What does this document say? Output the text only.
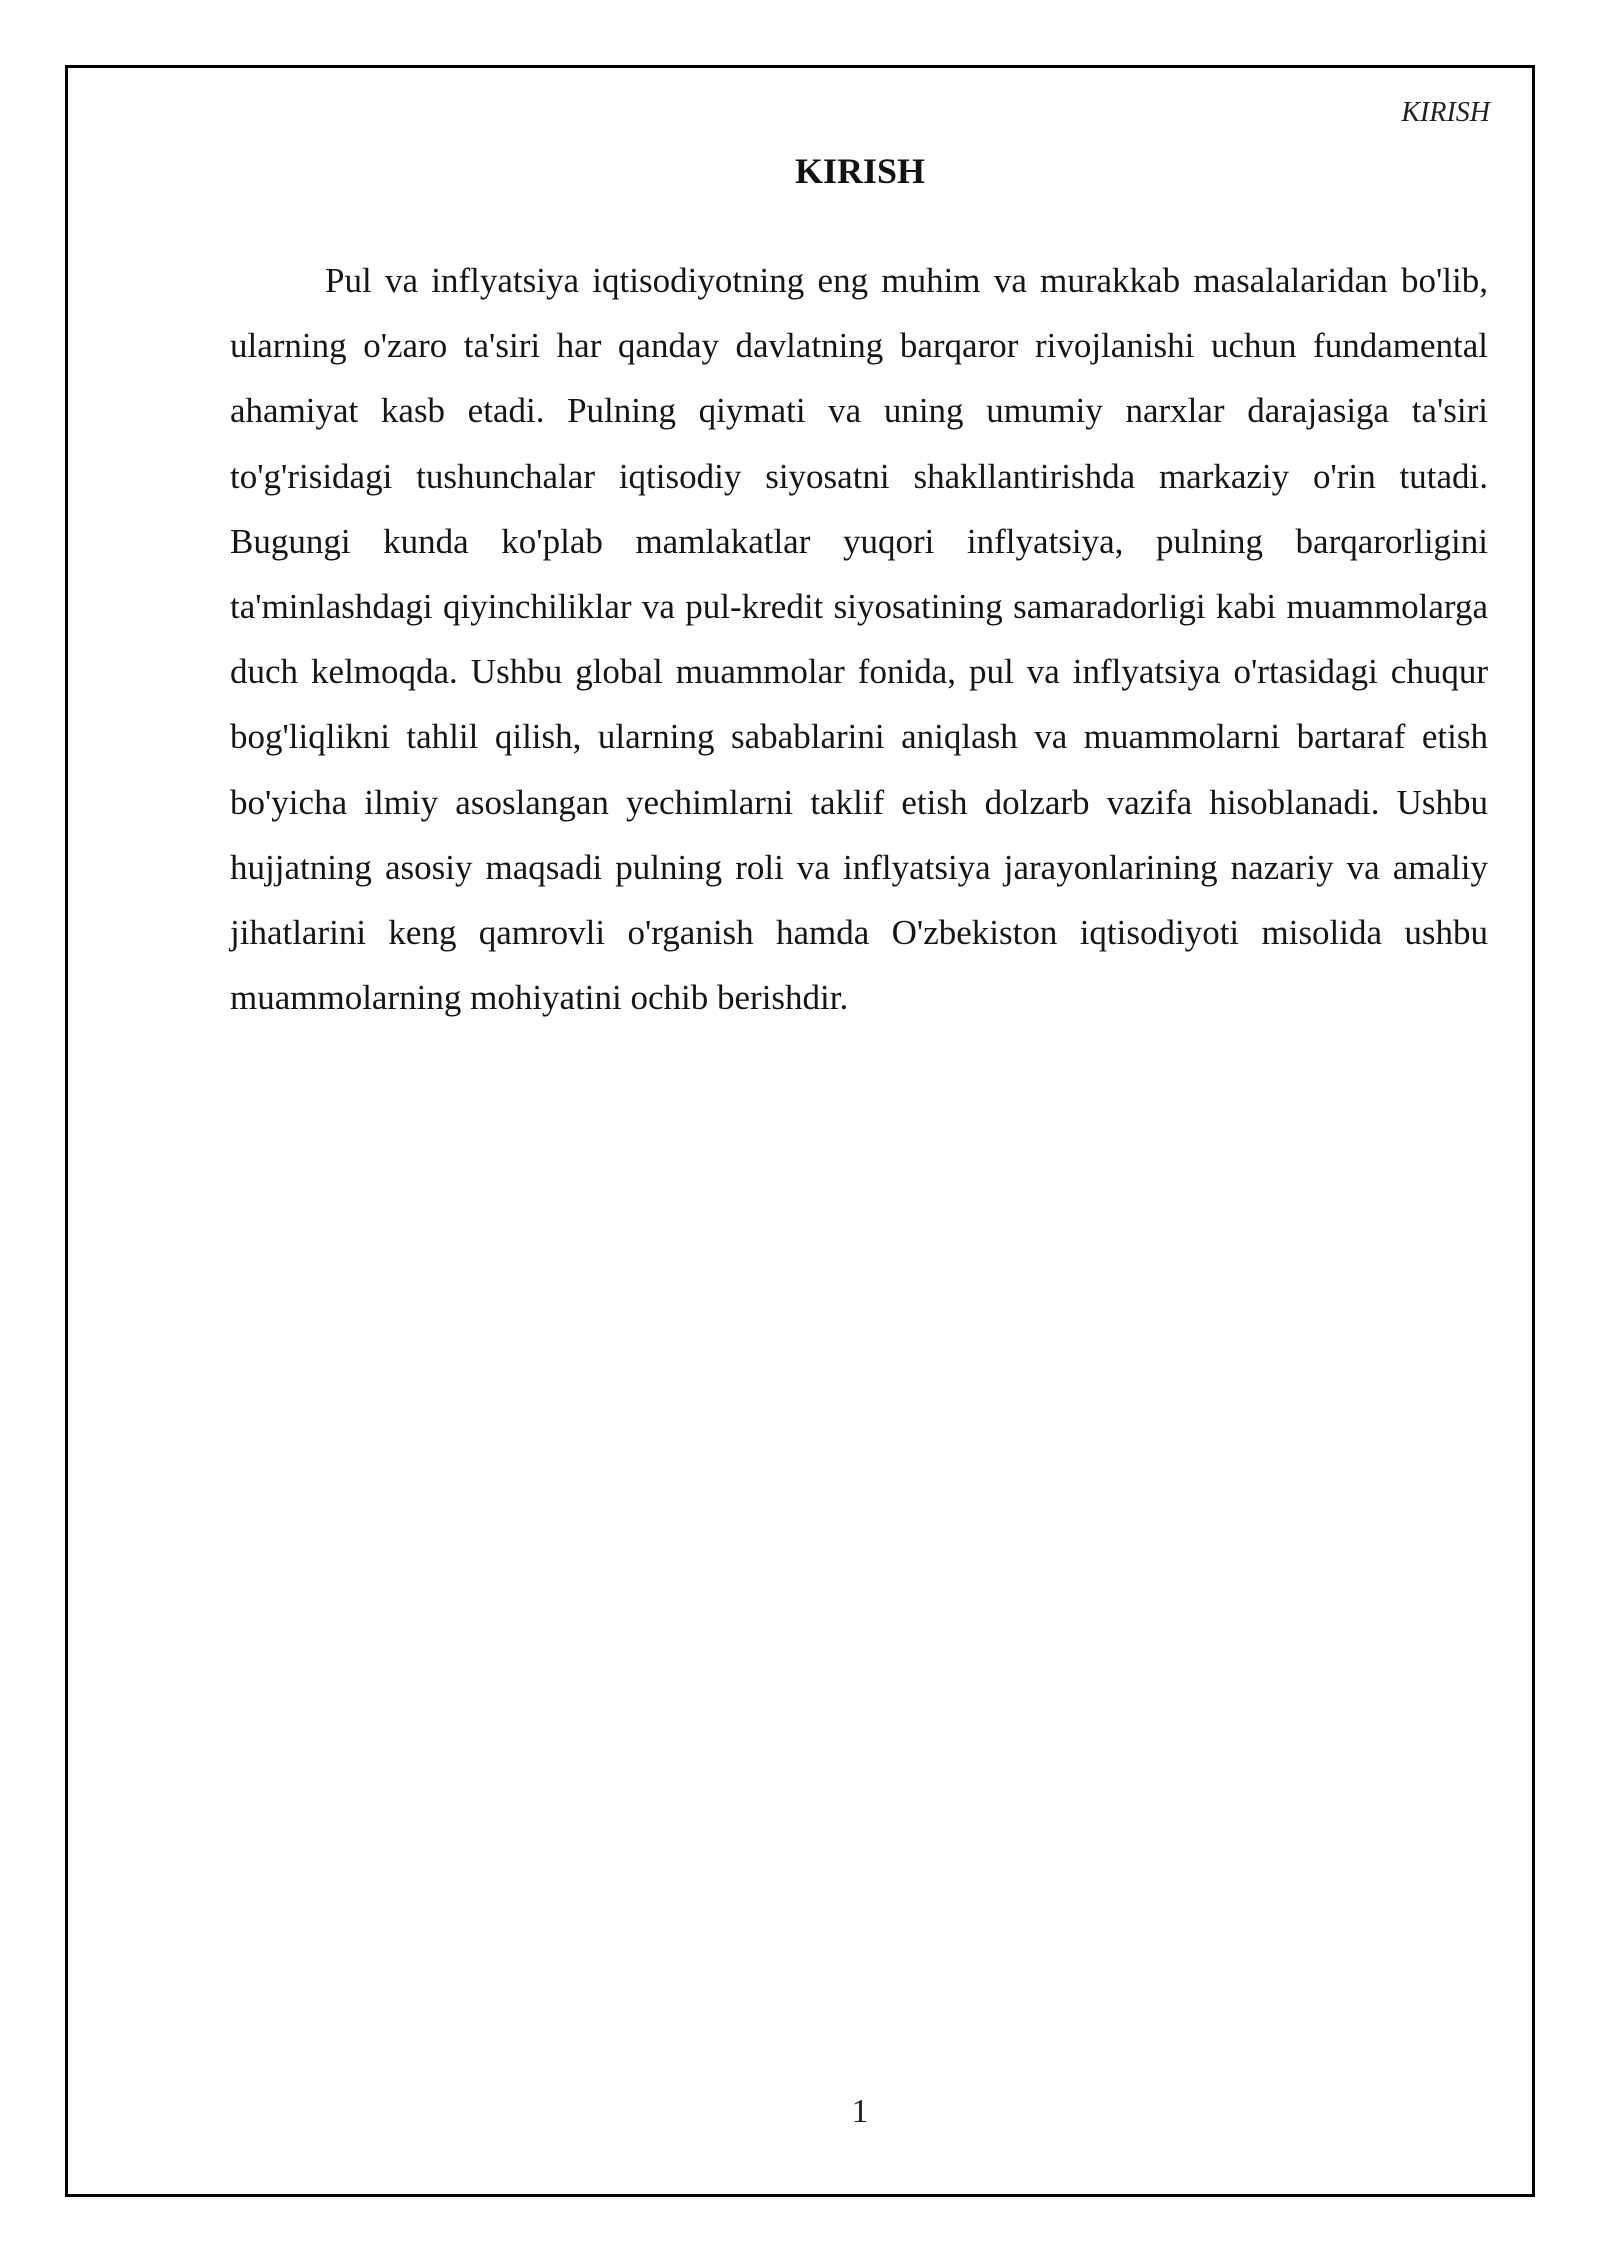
KIRISH
KIRISH

Pul va inflyatsiya iqtisodiyotning eng muhim va murakkab masalalaridan bo'lib, ularning o'zaro ta'siri har qanday davlatning barqaror rivojlanishi uchun fundamental ahamiyat kasb etadi. Pulning qiymati va uning umumiy narxlar darajasiga ta'siri to'g'risidagi tushunchalar iqtisodiy siyosatni shakllantirishda markaziy o'rin tutadi. Bugungi kunda ko'plab mamlakatlar yuqori inflyatsiya, pulning barqarorligini ta'minlashdagi qiyinchiliklar va pul-kredit siyosatining samaradorligi kabi muammolarga duch kelmoqda. Ushbu global muammolar fonida, pul va inflyatsiya o'rtasidagi chuqur bog'liqlikni tahlil qilish, ularning sabablarini aniqlash va muammolarni bartaraf etish bo'yicha ilmiy asoslangan yechimlarni taklif etish dolzarb vazifa hisoblanadi. Ushbu hujjatning asosiy maqsadi pulning roli va inflyatsiya jarayonlarining nazariy va amaliy jihatlarini keng qamrovli o'rganish hamda O'zbekiston iqtisodiyoti misolida ushbu muammolarning mohiyatini ochib berishdir.

1
